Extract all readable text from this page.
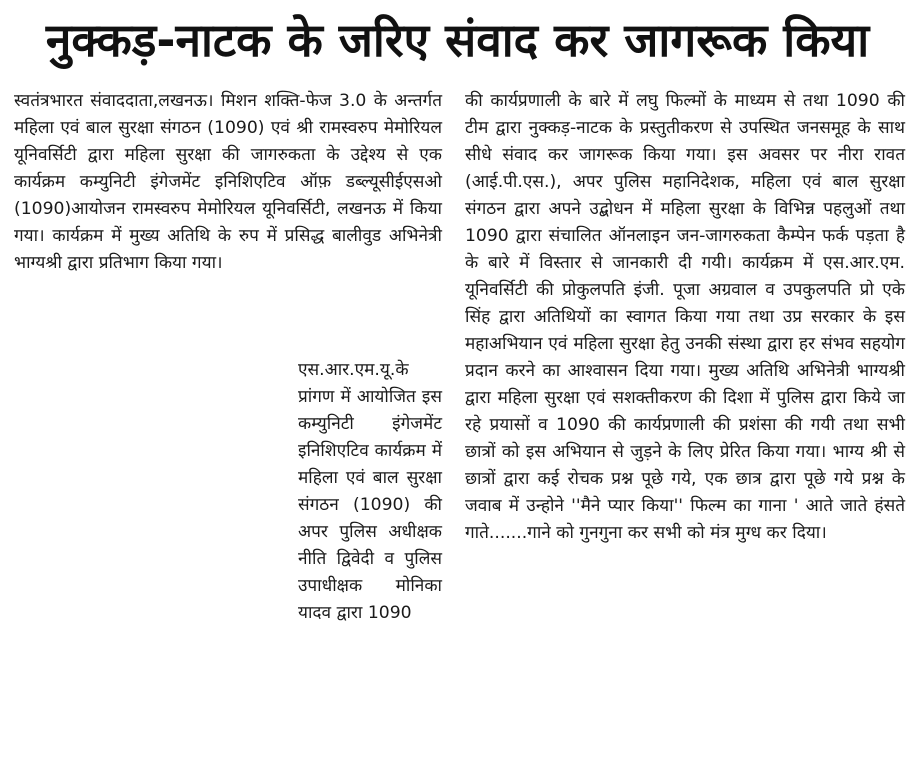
नुक्कड़-नाटक के जरिए संवाद कर जागरूक किया

स्वतंत्रभारत संवाददाता,लखनऊ। मिशन शक्ति-फेज 3.0 के अन्तर्गत महिला एवं बाल सुरक्षा संगठन (1090) एवं श्री रामस्वरुप मेमोरियल यूनिवर्सिटी द्वारा महिला सुरक्षा की जागरुकता के उद्देश्य से एक कार्यक्रम कम्युनिटी इंगेजमेंट इनिशिएटिव ऑफ़ डब्ल्यूसीईएसओ (1090)आयोजन रामस्वरुप मेमोरियल यूनिवर्सिटी, लखनऊ में किया गया। कार्यक्रम में मुख्य अतिथि के रुप में प्रसिद्ध बालीवुड अभिनेत्री भाग्यश्री द्वारा प्रतिभाग किया गया।

एस.आर.एम.यू.के प्रांगण में आयोजित इस कम्युनिटी इंगेजमेंट इनिशिएटिव कार्यक्रम में महिला एवं बाल सुरक्षा संगठन (1090) की अपर पुलिस अधीक्षक नीति द्विवेदी व पुलिस उपाधीक्षक मोनिका यादव द्वारा 1090

की कार्यप्रणाली के बारे में लघु फिल्मों के माध्यम से तथा 1090 की टीम द्वारा नुक्कड़-नाटक के प्रस्तुतीकरण से उपस्थित जनसमूह के साथ सीधे संवाद कर जागरूक किया गया। इस अवसर पर नीरा रावत (आई.पी.एस.), अपर पुलिस महानिदेशक, महिला एवं बाल सुरक्षा संगठन द्वारा अपने उद्बोधन में महिला सुरक्षा के विभिन्न पहलुओं तथा 1090 द्वारा संचालित ऑनलाइन जन-जागरुकता कैम्पेन फर्क पड़ता है के बारे में विस्तार से जानकारी दी गयी। कार्यक्रम में एस.आर.एम. यूनिवर्सिटी की प्रोकुलपति इंजी. पूजा अग्रवाल व उपकुलपति प्रो एके सिंह द्वारा अतिथियों का स्वागत किया गया तथा उप्र सरकार के इस महाअभियान एवं महिला सुरक्षा हेतु उनकी संस्था द्वारा हर संभव सहयोग प्रदान करने का आश्वासन दिया गया। मुख्य अतिथि अभिनेत्री भाग्यश्री द्वारा महिला सुरक्षा एवं सशक्तीकरण की दिशा में पुलिस द्वारा किये जा रहे प्रयासों व 1090 की कार्यप्रणाली की प्रशंसा की गयी तथा सभी छात्रों को इस अभियान से जुड़ने के लिए प्रेरित किया गया। भाग्य श्री से छात्रों द्वारा कई रोचक प्रश्न पूछे गये, एक छात्र द्वारा पूछे गये प्रश्न के जवाब में उन्होने ''मैने प्यार किया'' फिल्म का गाना ' आते जाते हंसते गाते.......गाने को गुनगुना कर सभी को मंत्र मुग्ध कर दिया।
